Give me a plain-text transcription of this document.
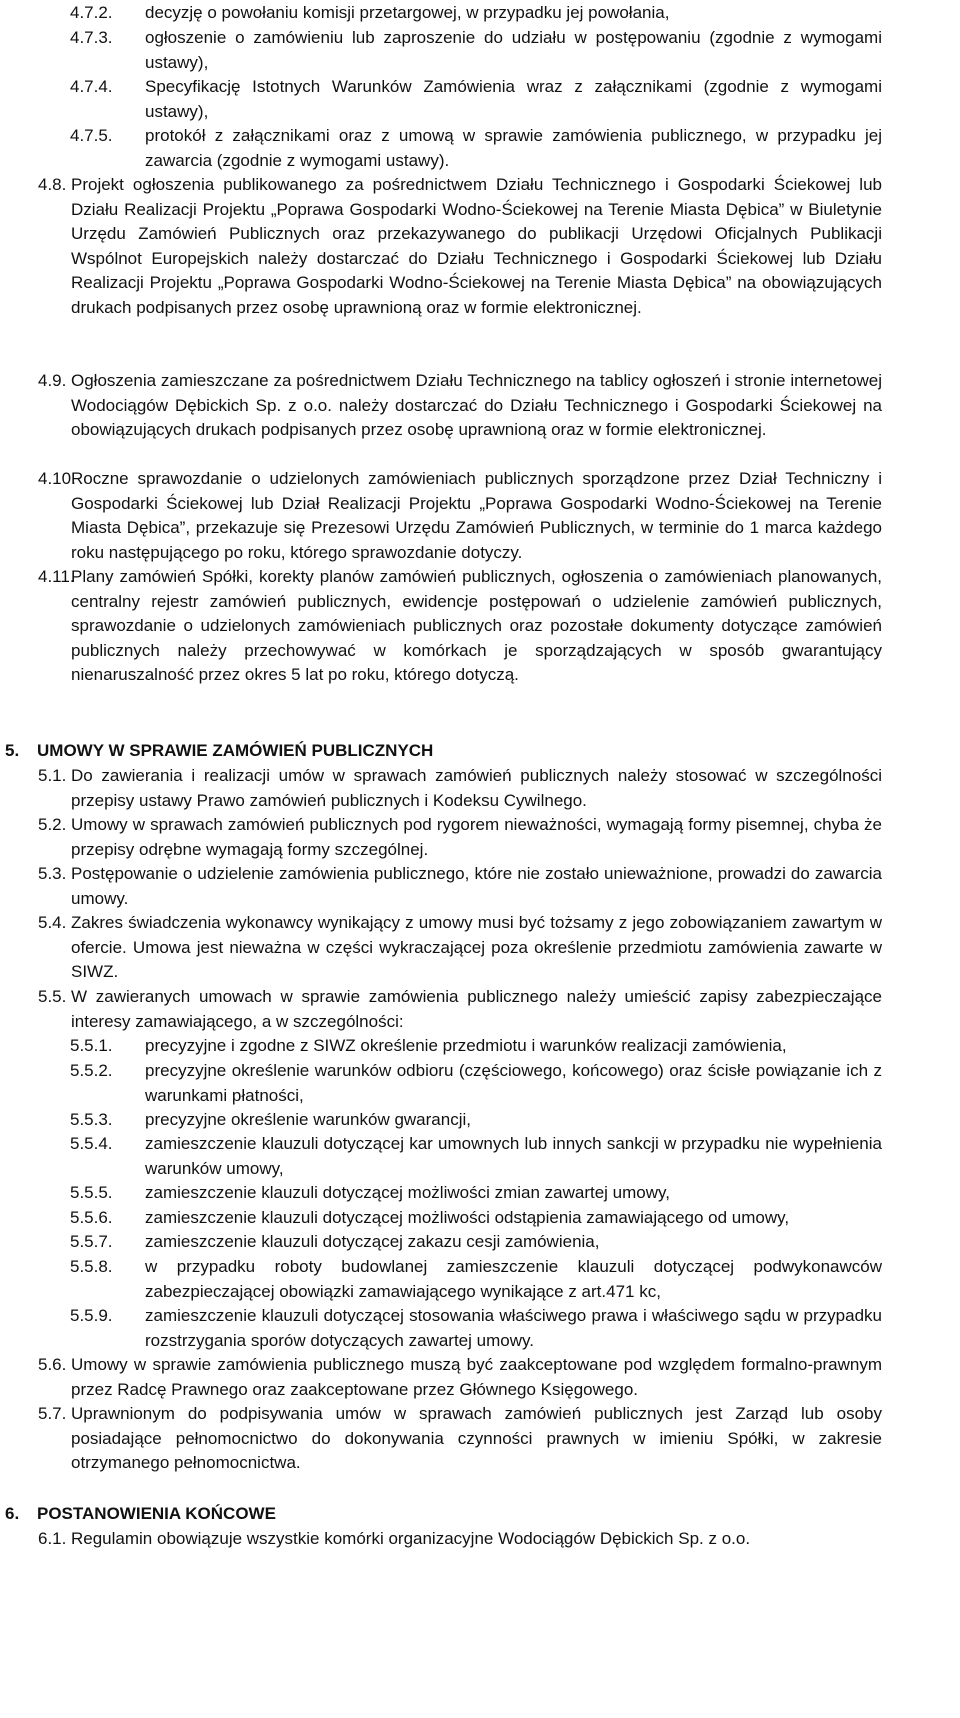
4.7.2.	decyzję o powołaniu komisji przetargowej, w przypadku jej powołania,
4.7.3.	ogłoszenie o zamówieniu lub zaproszenie do udziału w postępowaniu (zgodnie z wymogami ustawy),
4.7.4.	Specyfikację Istotnych Warunków Zamówienia wraz z załącznikami (zgodnie z wymogami ustawy),
4.7.5.	protokół z załącznikami oraz z umową w sprawie zamówienia publicznego, w przypadku jej zawarcia (zgodnie z wymogami ustawy).
4.8. Projekt ogłoszenia publikowanego za pośrednictwem Działu Technicznego i Gospodarki Ściekowej lub Działu Realizacji Projektu „Poprawa Gospodarki Wodno-Ściekowej na Terenie Miasta Dębica” w Biuletynie Urzędu Zamówień Publicznych oraz przekazywanego do publikacji Urzędowi Oficjalnych Publikacji Wspólnot Europejskich należy dostarczać do Działu Technicznego i Gospodarki Ściekowej lub Działu Realizacji Projektu „Poprawa Gospodarki Wodno-Ściekowej na Terenie Miasta Dębica” na obowiązujących drukach podpisanych przez osobę uprawnioną oraz w formie elektronicznej.
4.9. Ogłoszenia zamieszczane za pośrednictwem Działu Technicznego na tablicy ogłoszeń i stronie internetowej Wodociągów Dębickich Sp. z o.o. należy dostarczać do Działu Technicznego i Gospodarki Ściekowej na obowiązujących drukach podpisanych przez osobę uprawnioną oraz w formie elektronicznej.
4.10.
Roczne sprawozdanie o udzielonych zamówieniach publicznych sporządzone przez Dział Techniczny i Gospodarki Ściekowej lub Dział Realizacji Projektu „Poprawa Gospodarki Wodno-Ściekowej na Terenie Miasta Dębica”, przekazuje się Prezesowi Urzędu Zamówień Publicznych, w terminie do 1 marca każdego roku następującego po roku, którego sprawozdanie dotyczy.
4.11.
Plany zamówień Spółki, korekty planów zamówień publicznych, ogłoszenia o zamówieniach planowanych, centralny rejestr zamówień publicznych, ewidencje postępowań o udzielenie zamówień publicznych, sprawozdanie o udzielonych zamówieniach publicznych oraz pozostałe dokumenty dotyczące zamówień publicznych należy przechowywać w komórkach je sporządzających w sposób gwarantujący nienaruszalność przez okres 5 lat po roku, którego dotyczą.
5.	UMOWY W SPRAWIE ZAMÓWIEŃ PUBLICZNYCH
5.1. Do zawierania i realizacji umów w sprawach zamówień publicznych należy stosować w szczególności przepisy ustawy Prawo zamówień publicznych i Kodeksu Cywilnego.
5.2. Umowy w sprawach zamówień publicznych pod rygorem nieważności, wymagają formy pisemnej, chyba że przepisy odrębne wymagają formy szczególnej.
5.3. Postępowanie o udzielenie zamówienia publicznego, które nie zostało unieważnione, prowadzi do zawarcia umowy.
5.4. Zakres świadczenia wykonawcy wynikający z umowy musi być tożsamy z jego zobowiązaniem zawartym w ofercie. Umowa jest nieważna w części wykraczającej poza określenie przedmiotu zamówienia zawarte w SIWZ.
5.5. W zawieranych umowach w sprawie zamówienia publicznego należy umieścić zapisy zabezpieczające interesy zamawiającego, a w szczególności:
5.5.1.	precyzyjne i zgodne z SIWZ określenie przedmiotu i warunków realizacji zamówienia,
5.5.2.	precyzyjne określenie warunków odbioru (częściowego, końcowego) oraz ścisłe powiązanie ich z warunkami płatności,
5.5.3.	precyzyjne określenie warunków gwarancji,
5.5.4.	zamieszczenie klauzuli dotyczącej kar umownych lub innych sankcji w przypadku nie wypełnienia warunków umowy,
5.5.5.	zamieszczenie klauzuli dotyczącej możliwości zmian zawartej umowy,
5.5.6.	zamieszczenie klauzuli dotyczącej możliwości odstąpienia zamawiającego od umowy,
5.5.7.	zamieszczenie klauzuli dotyczącej zakazu cesji zamówienia,
5.5.8.	w przypadku roboty budowlanej zamieszczenie klauzuli dotyczącej podwykonawców zabezpieczającej obowiązki zamawiającego wynikające z art.471 kc,
5.5.9.	zamieszczenie klauzuli dotyczącej stosowania właściwego prawa i właściwego sądu w przypadku rozstrzygania sporów dotyczących zawartej umowy.
5.6. Umowy w sprawie zamówienia publicznego muszą być zaakceptowane pod względem formalno-prawnym przez Radcę Prawnego oraz zaakceptowane przez Głównego Księgowego.
5.7. Uprawnionym do podpisywania umów w sprawach zamówień publicznych jest Zarząd lub osoby posiadające pełnomocnictwo do dokonywania czynności prawnych w imieniu Spółki, w zakresie otrzymanego pełnomocnictwa.
6.	POSTANOWIENIA KOŃCOWE
6.1. Regulamin obowiązuje wszystkie komórki organizacyjne Wodociągów Dębickich Sp. z o.o.
